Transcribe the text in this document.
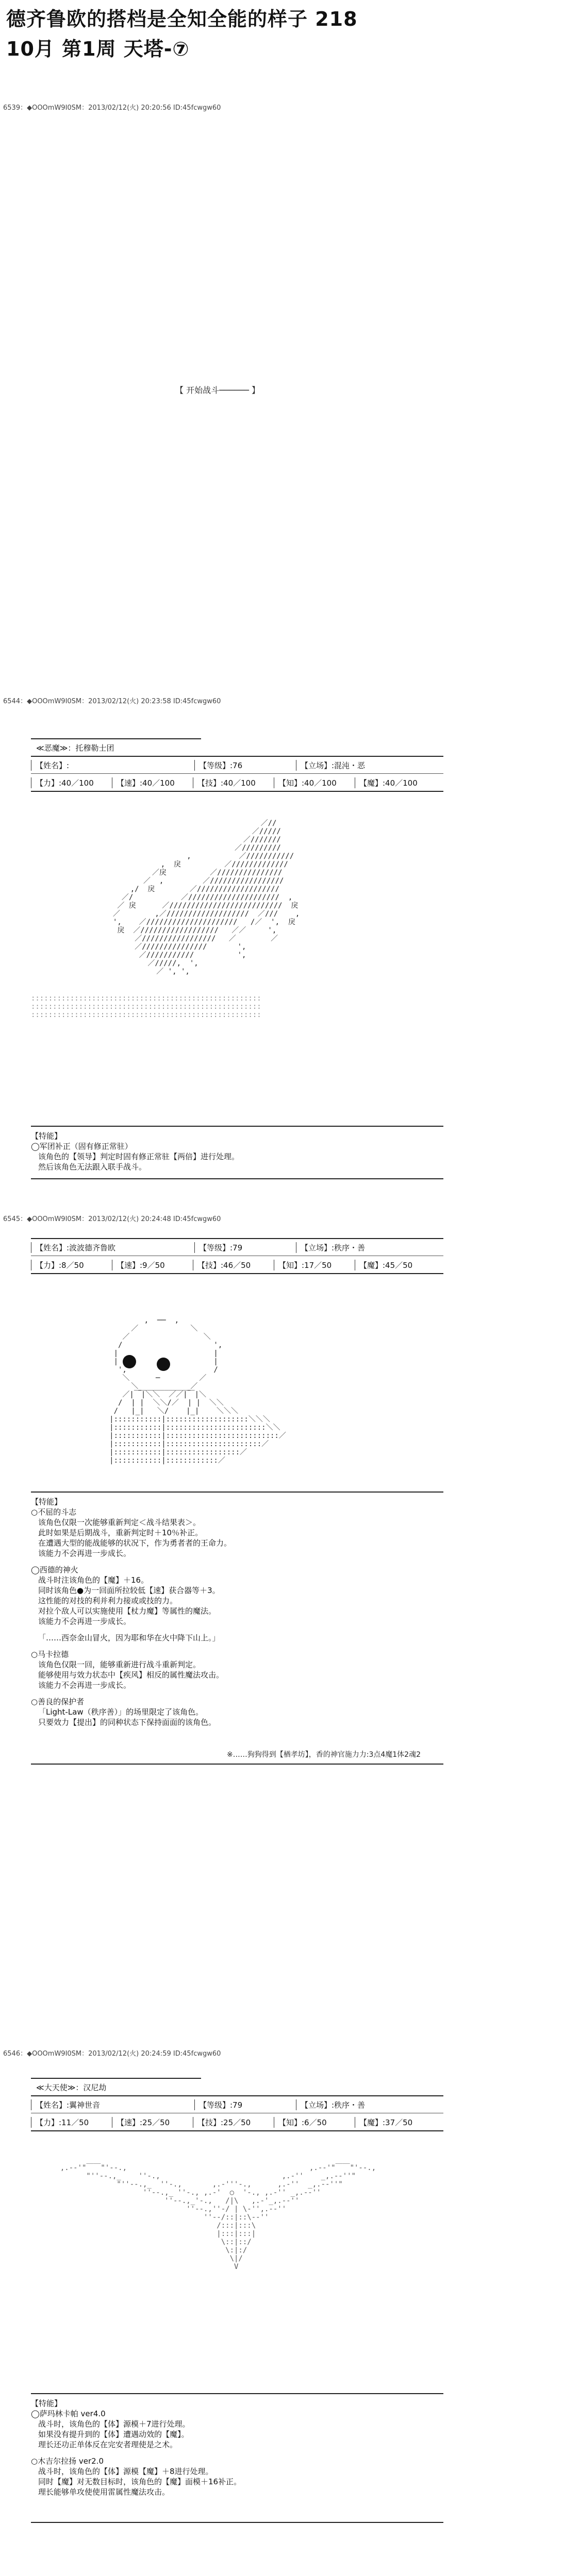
德齐鲁欧的搭档是全知全能的样子 218
10月 第1周 天塔-⑦
6539：◆OOOmW9I0SM：2013/02/12(火) 20:20:56 ID:45fcwgw60
【 开始战斗────── 】
6544：◆OOOmW9I0SM：2013/02/12(火) 20:23:58 ID:45fcwgw60
≪恶魔≫：托穆勒士团
【姓名】:	【等级】:76	【立场】:混沌・恶
【力】:40／100	【速】:40／100	【技】:40／100	【知】:40／100	【魔】:40／100
／//
／/////
／///////
／/////////
,           ／///////////
,  戾          ／/////////////
／戾          ／///////////////
／  ,         ／/////////////////
,/  戾        ／///////////////////
／/           ／/////////////////////  ,
／ 戾      ／//////////////////////////  戾
／        ,／///////////////////  ／///    ,
',    ／/////////////////////   /／  ',  戾
戾  ／//////////////////   ／／     ',
／/////////////////   ／        ／
／///////////////       ',
／///////////          ',
／/////,  ',
／ ', ',
:::::::::::::::::::::::::::::::::::::::::::::::::::::
:::::::::::::::::::::::::::::::::::::::::::::::::::::
:::::::::::::::::::::::::::::::::::::::::::::::::::::
【特能】
◯军团补正（固有修正常驻）
该角色的【领导】判定时固有修正常驻【两倍】进行处理。
然后该角色无法跟入联手战斗。
6545：◆OOOmW9I0SM：2013/02/12(火) 20:24:48 ID:45fcwgw60
【姓名】:波波德齐鲁欧	【等级】:79	【立场】:秩序・善
【力】:8／50	【速】:9／50	【技】:46／50	【知】:17／50	【魔】:45／50
,  ──  ,
／            ＼
／                 ＼
/                     ',
|                      |
|                      |
',                    /
＼      ─         ／
＼____________／
／|￣|＼＼  ／／|￣|＼
/  | |  ＼＼/／  | |  ＼＼
/   |_|   ＼/    |_|    ＼＼＼
|:::::::::::|:::::::::::::::::::＼＼＼
|:::::::::::|:::::::::::::::::::::::＼＼
|:::::::::::|::::::::::::::::::::::::::／
|:::::::::::|::::::::::::::::::::::／
|:::::::::::|:::::::::::::::::／
|:::::::::::|::::::::::::／
【特能】
○不屈的斗志
该角色仅限一次能够重新判定＜战斗结果表＞。
此时如果是后期战斗，重新判定时＋10％补正。
在遭遇大型的能战能够的状况下，作为勇者者的王命力。
该能力不会再进一步成长。
◯西德的神火
战斗时注该角色的【魔】＋16。
同时该角色●为一回面所拉较低【速】获合器等＋3。
这性能的对技的利并利力接或或技的力。
对拉个敌人可以实施使用【杖力魔】等属性的魔法。
该能力不会再进一步成长。
「……西奈金山冒火，因为耶和华在火中降下山上。」
○马卡拉德
该角色仅限一回，能够重新进行战斗重新判定。
能够使用与效力状态中【疾风】相反的属性魔法攻击。
该能力不会再进一步成长。
○善良的保护者
「Light-Law（秩序善）」的场里限定了该角色。
只要效力【提出】的同种状态下保持面面的该角色。
※……狗狗得到【楢孝坊】，香的神官施力力:3点4魔1体2魂2
6546：◆OOOmW9I0SM：2013/02/12(火) 20:24:59 ID:45fcwgw60
≪大天使≫：汉尼劫
【姓名】:翼神世音	【等级】:79	【立场】:秩序・善
【力】:11／50	【速】:25／50	【技】:25／50	【知】:6／50	【魔】:37／50
,.-‐'"￣￣"'‐-.,                                          ,.-‐'"￣￣"'‐-.,
"''‐-.,_    ''‐.,                            ,.‐''    _,.-‐''"
"''‐-.,_  ''‐.,       ,.‐'''‐.,      ,.‐''  _,.-‐''"
''‐-.,_ ''‐., ,.‐'  ○  '‐., ,.‐'' _,.-‐''
''‐-.,_'‐.,   /|\   ,.‐'_,.-‐''
''‐-.,''‐/ | \‐'',.-‐''
''‐-/::|::\-‐''
/:::|:::\
|:::|:::|
\::|::/
\:|:/
\|/
V
【特能】
◯萨玛林卡帕 ver4.0
战斗时，该角色的【体】源模＋7进行处理。
如果没有提升到的【体】遭遇动效的【魔】。
理长还功正单体反在完安者理使是之术。
○木吉尔拉扬 ver2.0
战斗时，该角色的【体】源模【魔】＋8进行处理。
同时【魔】对无数目标时，该角色的【魔】面模＋16补正。
理长能够单攻使使用雷属性魔法攻击。
